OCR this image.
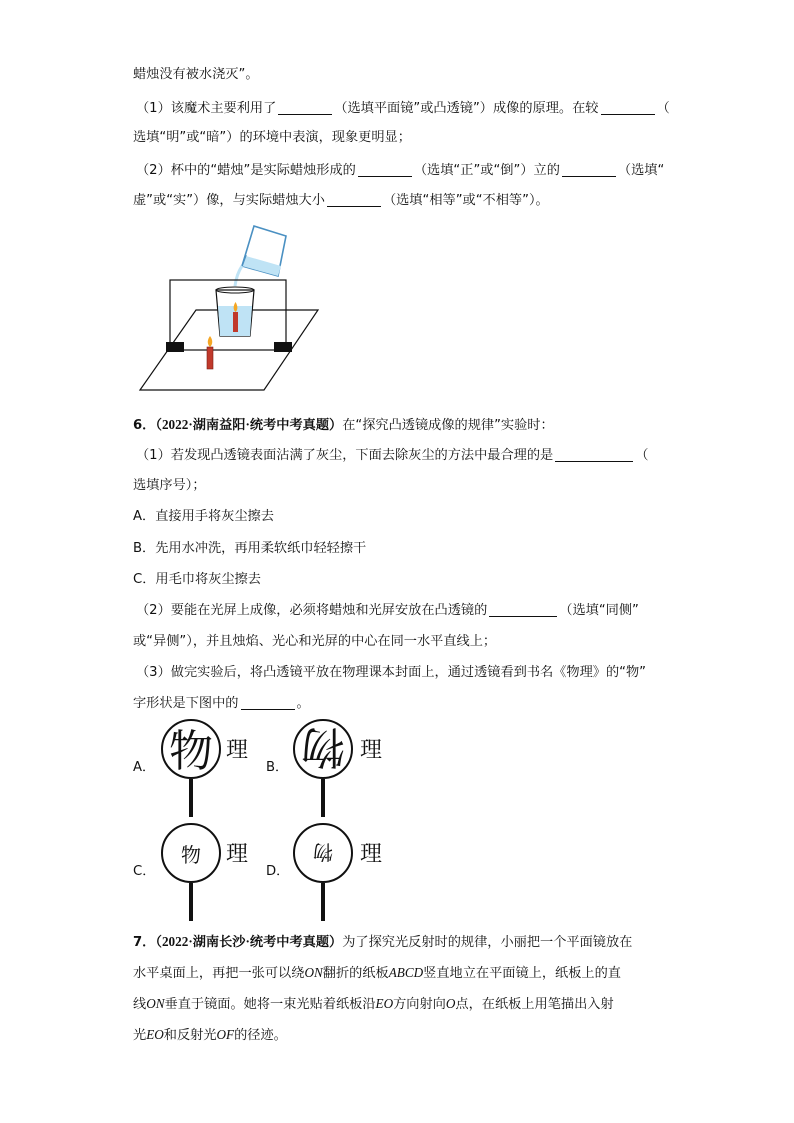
蜡烛没有被水浇灭”。
（1）该魔术主要利用了	（选填平面镜”或凸透镜”）成像的原理。在较	（
选填“明”或“暗”）的环境中表演，现象更明显；
（2）杯中的“蜡烛”是实际蜡烛形成的	（选填“正”或“倒”）立的	（选填“
虚”或“实”）像，与实际蜡烛大小	（选填“相等”或“不相等”）。
6．（2022·湖南益阳·统考中考真题）在“探究凸透镜成像的规律”实验时：
（1）若发现凸透镜表面沾满了灰尘，下面去除灰尘的方法中最合理的是	（
选填序号）；
A．直接用手将灰尘擦去
B．先用水冲洗，再用柔软纸巾轻轻擦干
C．用毛巾将灰尘擦去
（2）要能在光屏上成像，必须将蜡烛和光屏安放在凸透镜的	（选填“同侧”
或“异侧”），并且烛焰、光心和光屏的中心在同一水平直线上；
（3）做完实验后，将凸透镜平放在物理课本封面上，通过透镜看到书名《物理》的“物”
字形状是下图中的	。
A． 物 理
B． 物 理
C．
物 理
D．
物 理
7．（2022·湖南长沙·统考中考真题）为了探究光反射时的规律，小丽把一个平面镜放在
水平桌面上，再把一张可以绕ON翻折的纸板ABCD竖直地立在平面镜上，纸板上的直
线ON垂直于镜面。她将一束光贴着纸板沿EO方向射向O点，在纸板上用笔描出入射
光EO和反射光OF的径迹。
